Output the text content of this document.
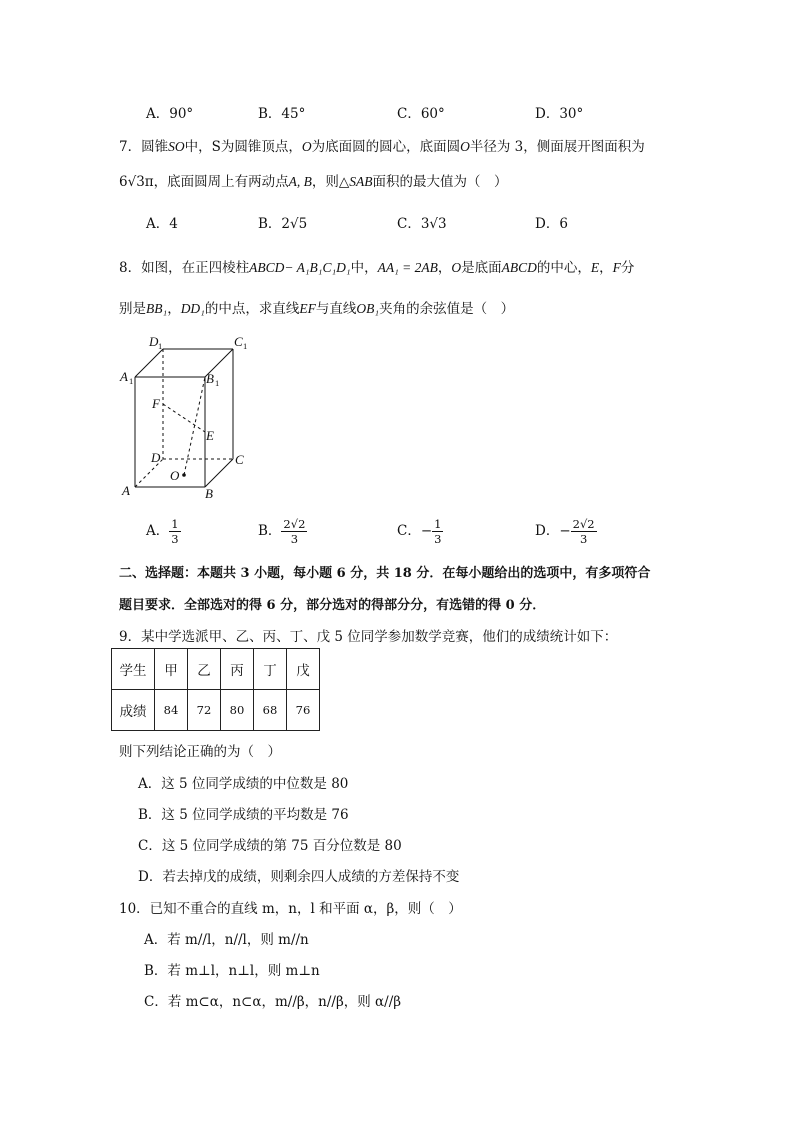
A．90°	B．45°	C．60°	D．30°
7．圆锥SO中，S为圆锥顶点，O为底面圆的圆心，底面圆O半径为 3，侧面展开图面积为
6√3π，底面圆周上有两动点A, B，则△SAB面积的最大值为（　）
A．4	B．2√5	C．3√3	D．6
8．如图，在正四棱柱ABCD− A₁B₁C₁D₁中，AA₁ = 2AB，O是底面ABCD的中心，E，F分
别是BB₁，DD₁的中点，求直线EF与直线OB₁夹角的余弦值是（　）
D 1	C 1
A 1	B 1
F
E
D	C
O
A	B
A． $\frac{1}{3}$	B． $\frac{2√2}{3}$	C．− $\frac{1}{3}$	D．− $\frac{2√2}{3}$
二、选择题：本题共 3 小题，每小题 6 分，共 18 分．在每小题给出的选项中，有多项符合
题目要求．全部选对的得 6 分，部分选对的得部分分，有选错的得 0 分．
9．某中学选派甲、乙、丙、丁、戊 5 位同学参加数学竞赛，他们的成绩统计如下：
学生	甲	乙	丙	丁	戊
成绩	84	72	80	68	76
则下列结论正确的为（　）
A．这 5 位同学成绩的中位数是 80
B．这 5 位同学成绩的平均数是 76
C．这 5 位同学成绩的第 75 百分位数是 80
D．若去掉戊的成绩，则剩余四人成绩的方差保持不变
10．已知不重合的直线 m，n，l 和平面 α，β，则（　）
A．若 m//l，n//l，则 m//n
B．若 m⊥l，n⊥l，则 m⊥n
C．若 m⊂α，n⊂α，m//β，n//β，则 α//β
